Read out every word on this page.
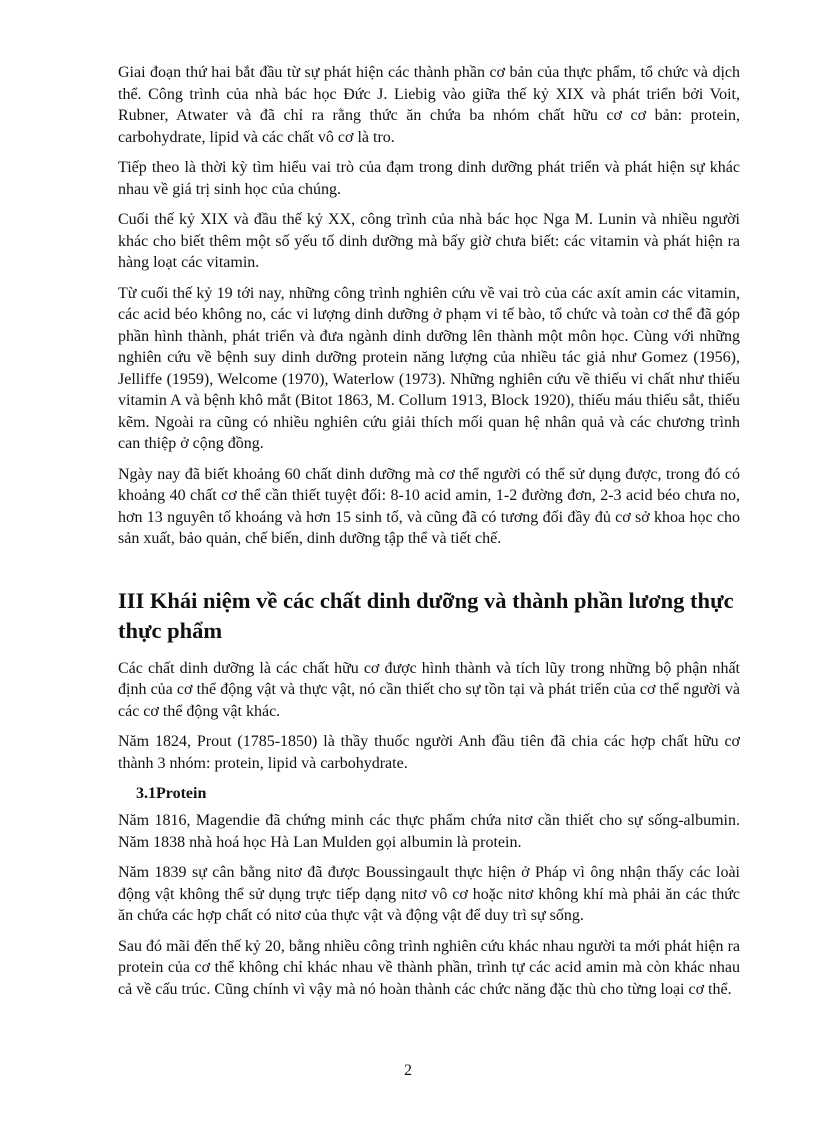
Giai đoạn thứ hai bắt đầu từ sự phát hiện các thành phần cơ bản của thực phẩm, tổ chức và dịch thể. Công trình của nhà bác học Đức J. Liebig vào giữa thế kỷ XIX và phát triển bởi Voit, Rubner, Atwater và đã chỉ ra rằng thức ăn chứa ba nhóm chất hữu cơ cơ bản: protein, carbohydrate, lipid và các chất vô cơ là tro.

Tiếp theo là thời kỳ tìm hiểu vai trò của đạm trong dinh dưỡng phát triển và phát hiện sự khác nhau về giá trị sinh học của chúng.

Cuối thế kỷ XIX và đầu thế kỷ XX, công trình của nhà bác học Nga M. Lunin và nhiều người khác cho biết thêm một số yếu tố dinh dưỡng mà bấy giờ chưa biết: các vitamin và phát hiện ra hàng loạt các vitamin.

Từ cuối thế kỷ 19 tới nay, những công trình nghiên cứu về vai trò của các axít amin các vitamin, các acid béo không no, các vi lượng dinh dưỡng ở phạm vi tế bào, tổ chức và toàn cơ thể đã góp phần hình thành, phát triển và đưa ngành dinh dưỡng lên thành một môn học. Cùng với những nghiên cứu về bệnh suy dinh dưỡng protein năng lượng của nhiều tác giả như Gomez (1956), Jelliffe (1959), Welcome (1970), Waterlow (1973). Những nghiên cứu về thiếu vi chất như thiếu vitamin A và bệnh khô mắt (Bitot 1863, M. Collum 1913, Block 1920), thiếu máu thiếu sắt, thiếu kẽm. Ngoài ra cũng có nhiều nghiên cứu giải thích mối quan hệ nhân quả và các chương trình can thiệp ở cộng đồng.

Ngày nay đã biết khoảng 60 chất dinh dưỡng mà cơ thể người có thể sử dụng được, trong đó có khoảng 40 chất cơ thể cần thiết tuyệt đối: 8-10 acid amin, 1-2 đường đơn, 2-3 acid béo chưa no, hơn 13 nguyên tố khoáng và hơn 15 sinh tố, và cũng đã có tương đối đầy đủ cơ sở khoa học cho sản xuất, bảo quản, chế biến, dinh dưỡng tập thể và tiết chế.

III Khái niệm về các chất dinh dưỡng và thành phần lương thực thực phẩm

Các chất dinh dưỡng là các chất hữu cơ được hình thành và tích lũy trong những bộ phận nhất định của cơ thể động vật và thực vật, nó cần thiết cho sự tồn tại và phát triển của cơ thể người và các cơ thể động vật khác.

Năm 1824, Prout (1785-1850) là thầy thuốc người Anh đầu tiên đã chia các hợp chất hữu cơ thành 3 nhóm: protein, lipid và carbohydrate.

3.1Protein

Năm 1816, Magendie đã chứng minh các thực phẩm chứa nitơ cần thiết cho sự sống-albumin. Năm 1838 nhà hoá học Hà Lan Mulden gọi albumin là protein.

Năm 1839 sự cân bằng nitơ đã được Boussingault thực hiện ở Pháp vì ông nhận thấy các loài động vật không thể sử dụng trực tiếp dạng nitơ vô cơ hoặc nitơ không khí mà phải ăn các thức ăn chứa các hợp chất có nitơ của thực vật và động vật để duy trì sự sống.

Sau đó mãi đến thế kỷ 20, bằng nhiều công trình nghiên cứu khác nhau người ta mới phát hiện ra protein của cơ thể không chỉ khác nhau về thành phần, trình tự các acid amin mà còn khác nhau cả về cấu trúc. Cũng chính vì vậy mà nó hoàn thành các chức năng đặc thù cho từng loại cơ thể.

2
